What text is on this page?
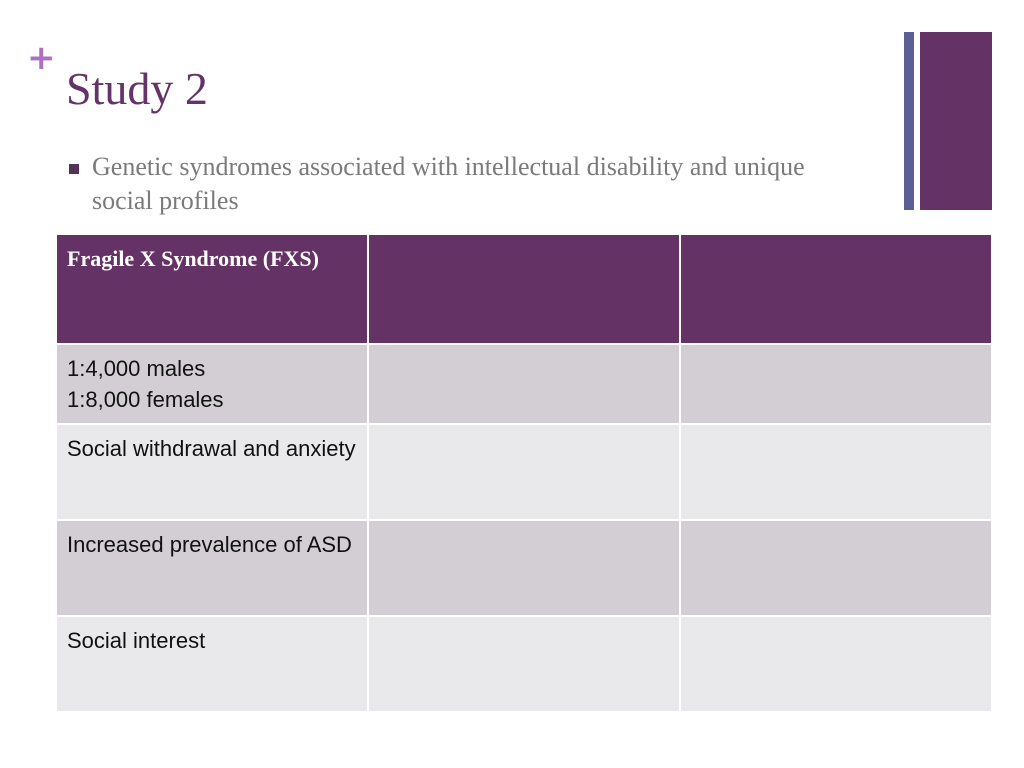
+
Study 2
Genetic syndromes associated with intellectual disability and unique social profiles
Fragile X Syndrome (FXS)		
1:4,000 males
1:8,000 females		
Social withdrawal and anxiety		
Increased prevalence of ASD		
Social interest		
